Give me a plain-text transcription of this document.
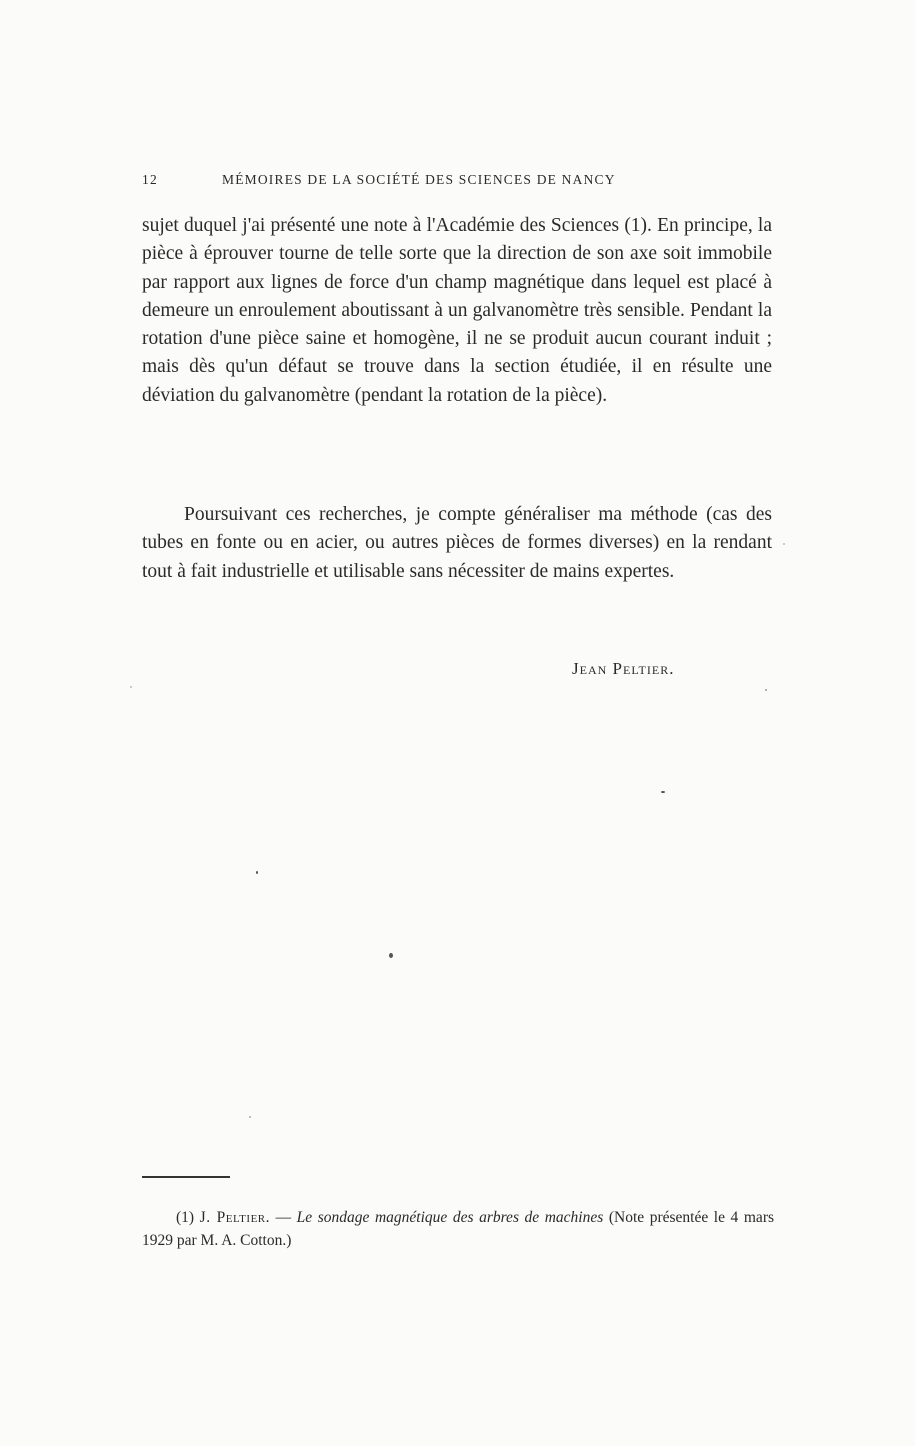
12	MÉMOIRES DE LA SOCIÉTÉ DES SCIENCES DE NANCY

sujet duquel j'ai présenté une note à l'Académie des Sciences (1). En principe, la pièce à éprouver tourne de telle sorte que la direction de son axe soit immobile par rapport aux lignes de force d'un champ magnétique dans lequel est placé à demeure un enroulement aboutissant à un galvanomètre très sensible. Pendant la rotation d'une pièce saine et homogène, il ne se produit aucun courant induit ; mais dès qu'un défaut se trouve dans la section étudiée, il en résulte une déviation du galvanomètre (pendant la rotation de la pièce).

Poursuivant ces recherches, je compte généraliser ma méthode (cas des tubes en fonte ou en acier, ou autres pièces de formes diverses) en la rendant tout à fait industrielle et utilisable sans nécessiter de mains expertes.

Jean Peltier.

(1) J. Peltier. — Le sondage magnétique des arbres de machines (Note présentée le 4 mars 1929 par M. A. Cotton.)
